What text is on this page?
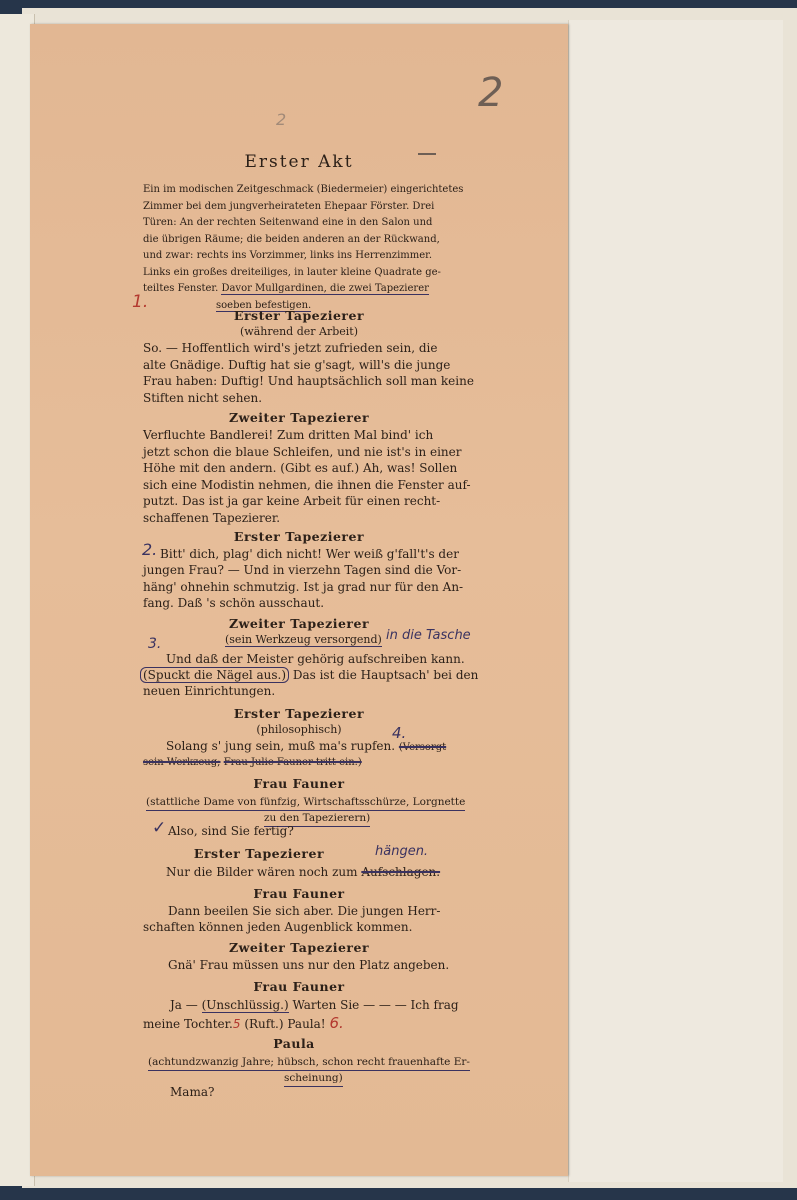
2
2
Erster Akt
Ein im modischen Zeitgeschmack (Biedermeier) eingerichtetes
Zimmer bei dem jungverheirateten Ehepaar Förster. Drei
Türen: An der rechten Seitenwand eine in den Salon und
die übrigen Räume; die beiden anderen an der Rückwand,
und zwar: rechts ins Vorzimmer, links ins Herrenzimmer.
Links ein großes dreiteiliges, in lauter kleine Quadrate ge-
teiltes Fenster. Davor Mullgardinen, die zwei Tapezierer
soeben befestigen.
1.
Erster Tapezierer
(während der Arbeit)
So. — Hoffentlich wird's jetzt zufrieden sein, die
alte Gnädige. Duftig hat sie g'sagt, will's die junge
Frau haben: Duftig! Und hauptsächlich soll man keine
Stiften nicht sehen.
Zweiter Tapezierer
Verfluchte Bandlerei! Zum dritten Mal bind' ich
jetzt schon die blaue Schleifen, und nie ist's in einer
Höhe mit den andern. (Gibt es auf.) Ah, was! Sollen
sich eine Modistin nehmen, die ihnen die Fenster auf-
putzt. Das ist ja gar keine Arbeit für einen recht-
schaffenen Tapezierer.
Erster Tapezierer
2. Bitt' dich, plag' dich nicht! Wer weiß g'fall't's der
jungen Frau? — Und in vierzehn Tagen sind die Vor-
häng' ohnehin schmutzig. Ist ja grad nur für den An-
fang. Daß 's schön ausschaut.
Zweiter Tapezierer
(sein Werkzeug versorgend) in die Tasche
3.
Und daß der Meister gehörig aufschreiben kann.
(Spuckt die Nägel aus.) Das ist die Hauptsach' bei den
neuen Einrichtungen.
Erster Tapezierer
(philosophisch)
Solang s' jung sein, muß ma's rupfen. (Versorgt
4.
sein Werkzeug; Frau Julie Fauner tritt ein.)
Frau Fauner
(stattliche Dame von fünfzig, Wirtschaftsschürze, Lorgnette
zu den Tapezierern)
✓ Also, sind Sie fertig?
Erster Tapezierer	hängen.
Nur die Bilder wären noch zum Aufschlagen.
Frau Fauner
Dann beeilen Sie sich aber. Die jungen Herr-
schaften können jeden Augenblick kommen.
Zweiter Tapezierer
Gnä' Frau müssen uns nur den Platz angeben.
Frau Fauner
Ja — (Unschlüssig.) Warten Sie — — — Ich frag
meine Tochter.5 (Ruft.) Paula! 6.
Paula
(achtundzwanzig Jahre; hübsch, schon recht frauenhafte Er-
scheinung)
Mama?
